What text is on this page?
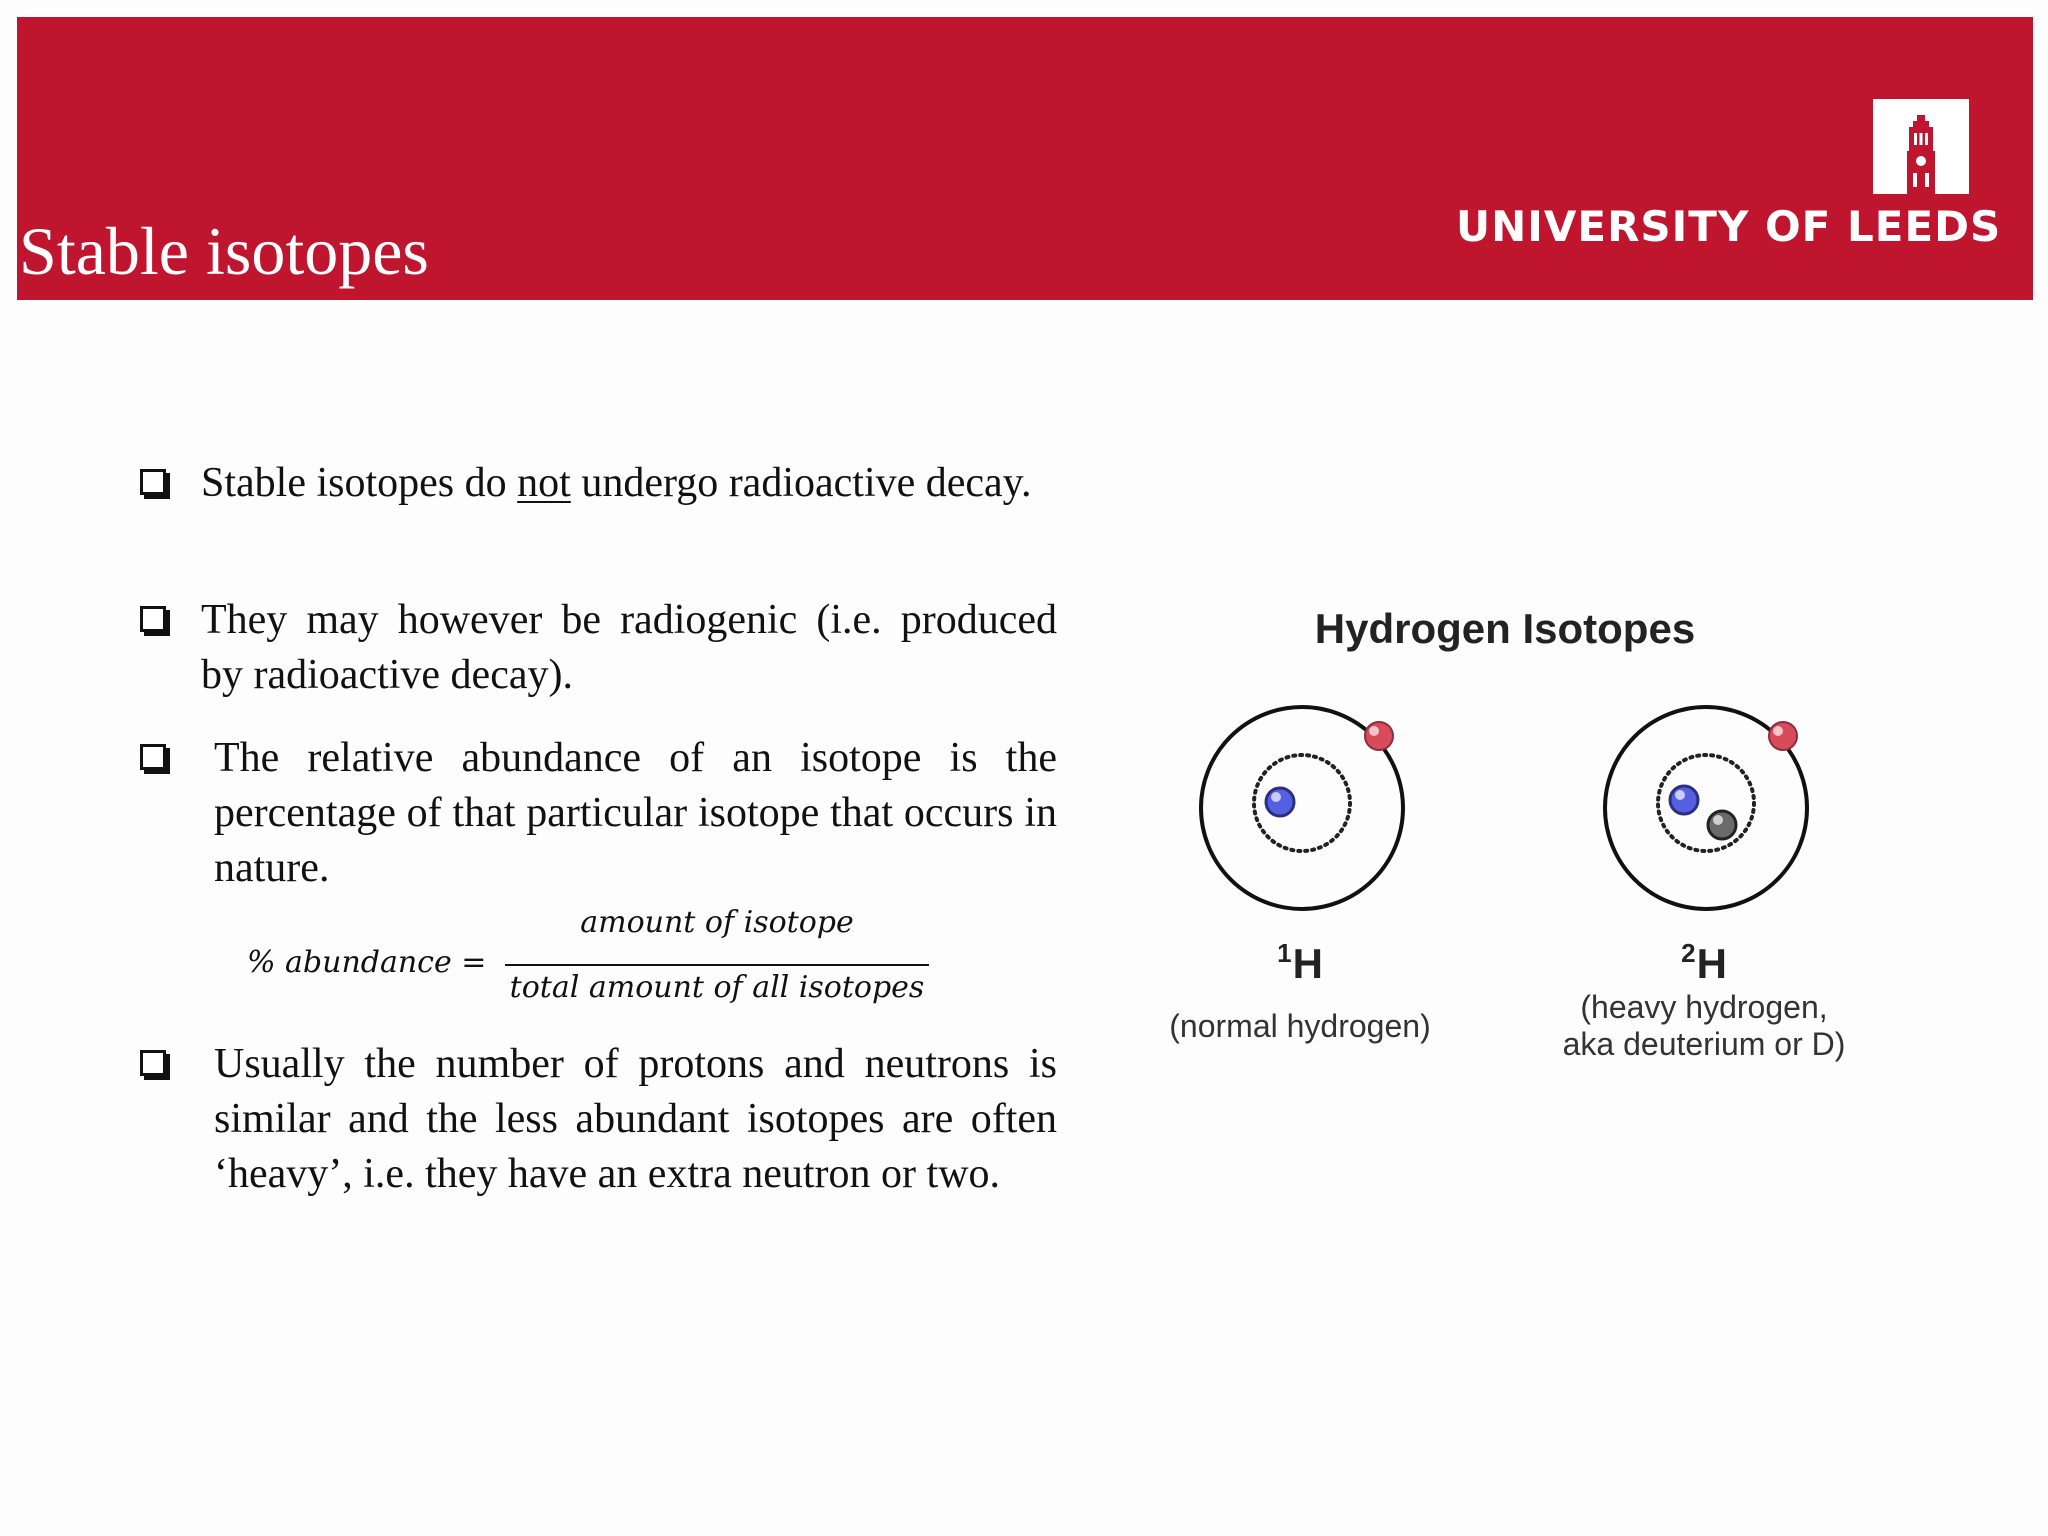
Stable isotopes	UNIVERSITY OF LEEDS
Stable isotopes do not undergo radioactive decay.
They may however be radiogenic (i.e. produced by radioactive decay).
The relative abundance of an isotope is the percentage of that particular isotope that occurs in nature.
% abundance =
amount of isotope
total amount of all isotopes
Usually the number of protons and neutrons is similar and the less abundant isotopes are often ‘heavy’, i.e. they have an extra neutron or two.
Hydrogen Isotopes
$^1$H
(normal hydrogen)
$^2$H
(heavy hydrogen,
aka deuterium or D)
